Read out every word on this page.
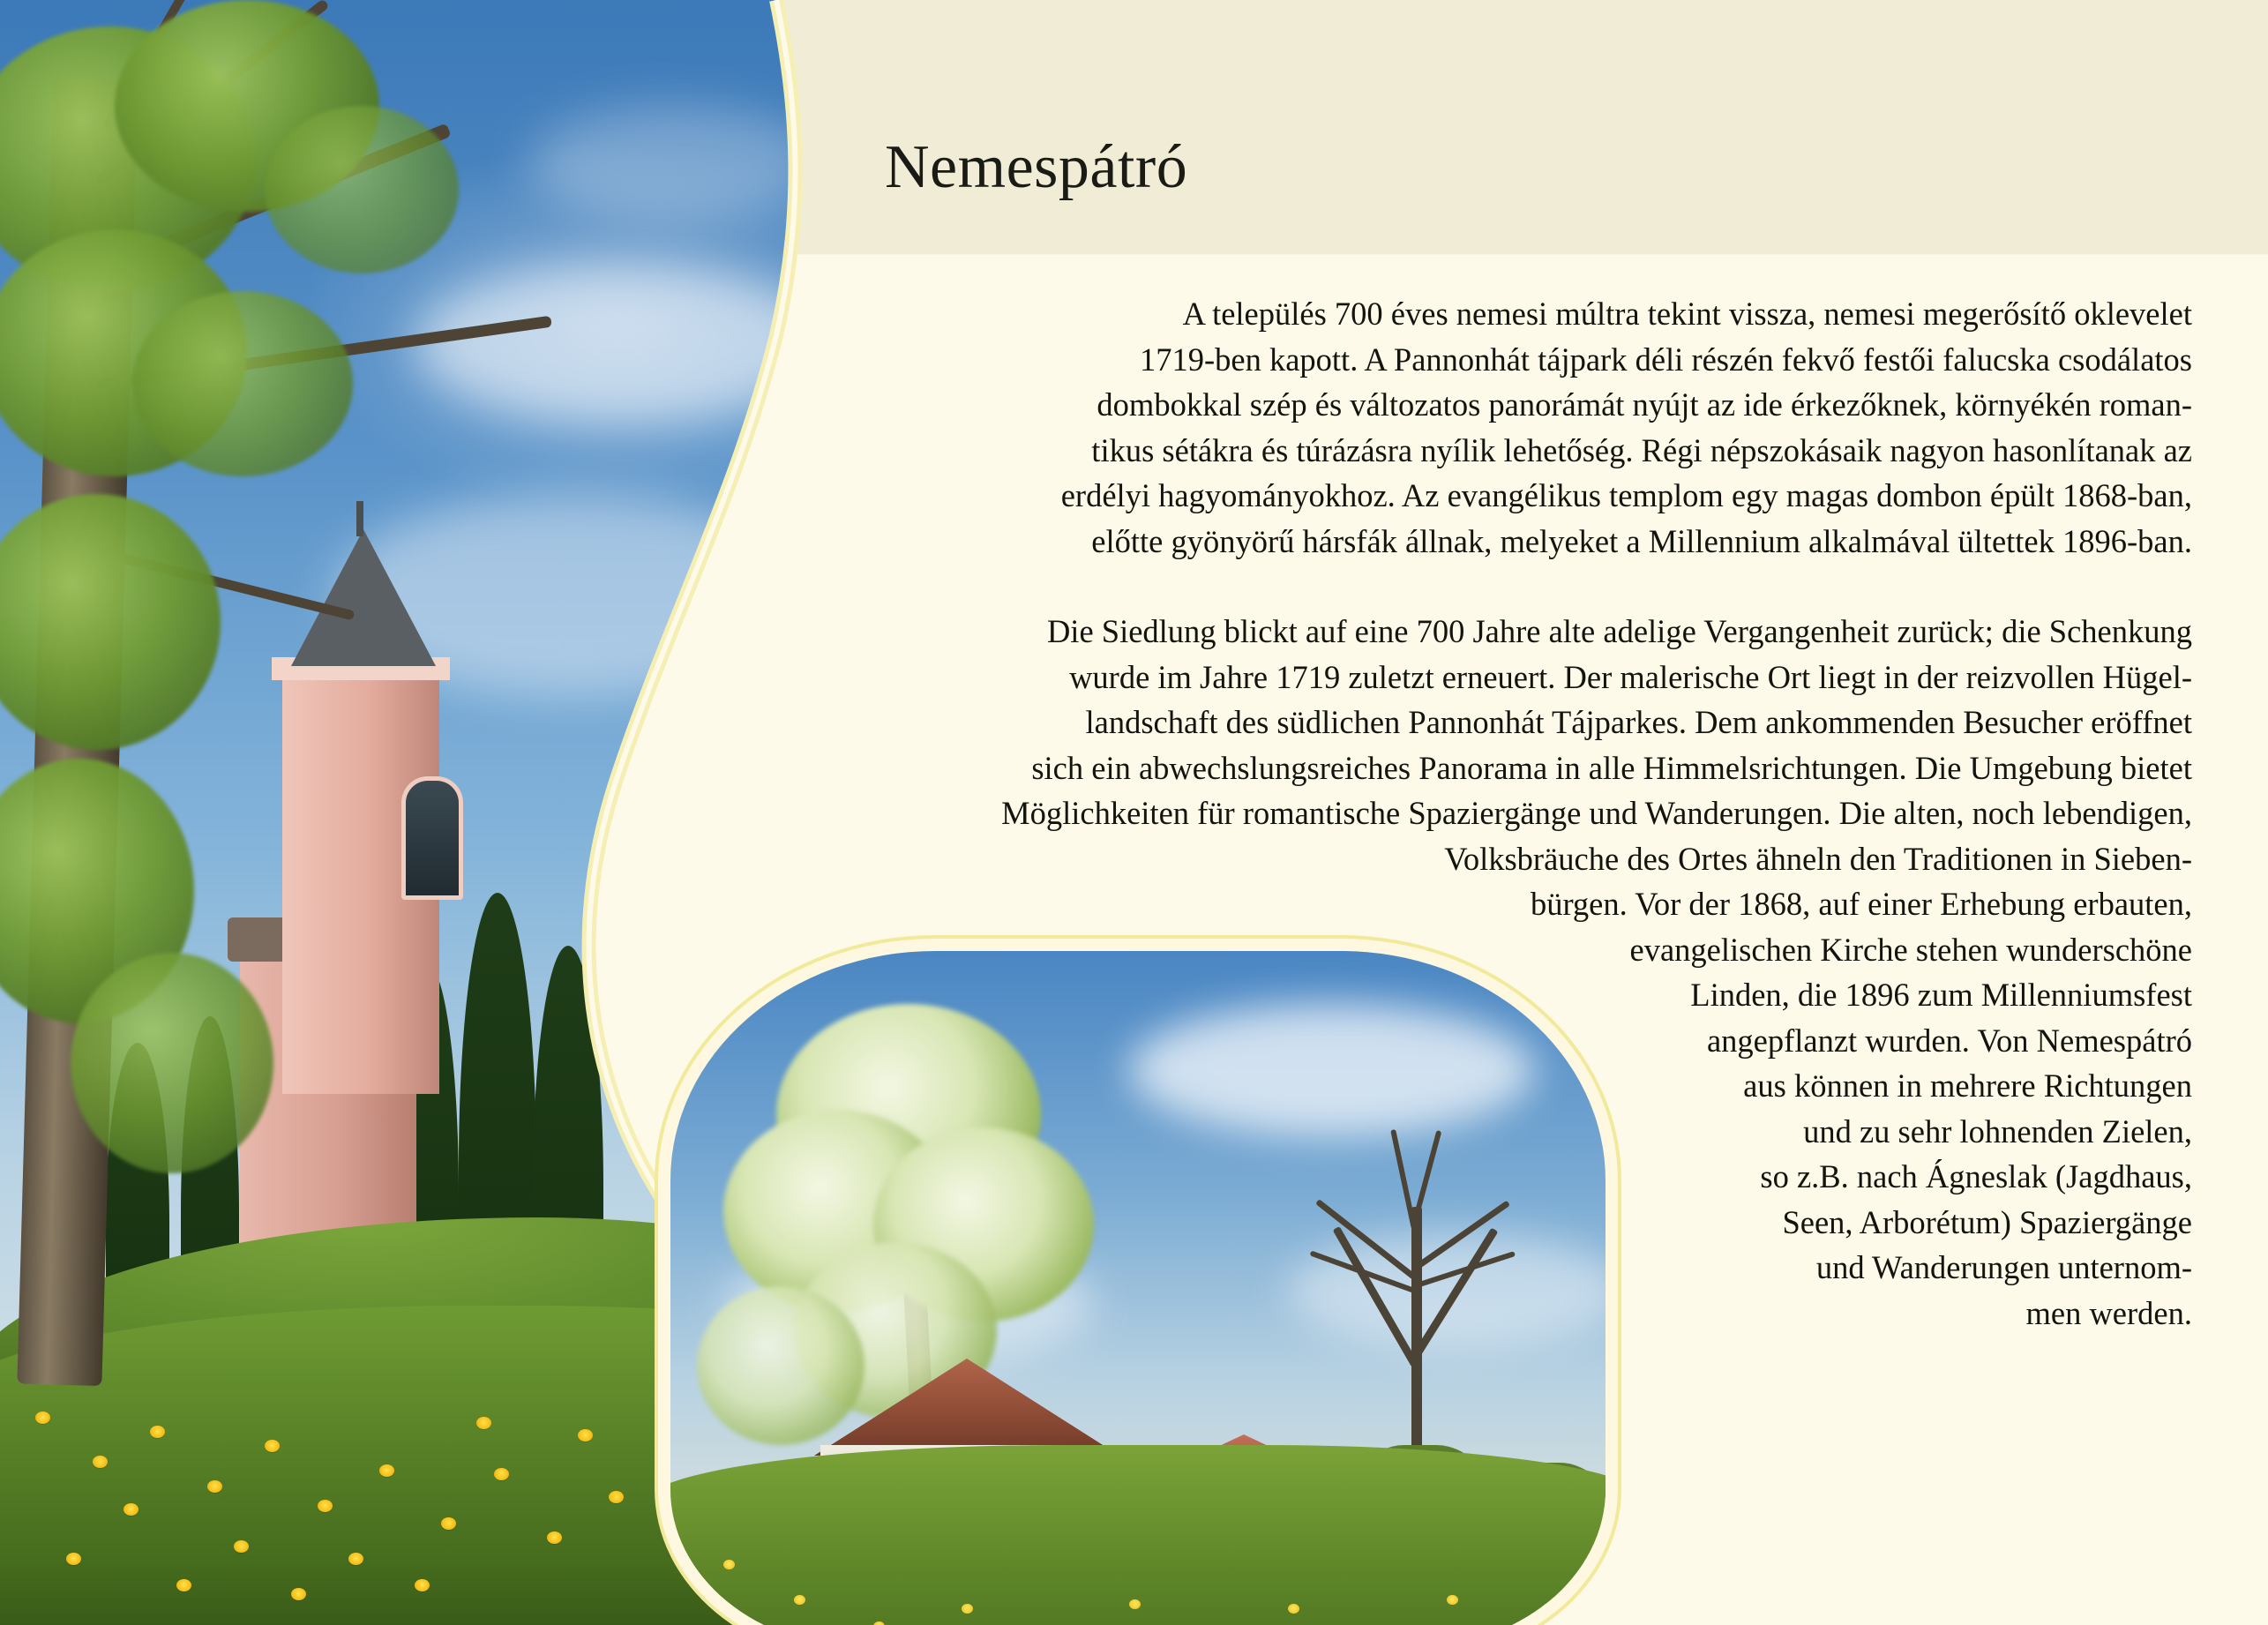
Nemespátró

A település 700 éves nemesi múltra tekint vissza, nemesi megerősítő oklevelet
1719-ben kapott. A Pannonhát tájpark déli részén fekvő festői falucska csodálatos
dombokkal szép és változatos panorámát nyújt az ide érkezőknek, környékén roman-
tikus sétákra és túrázásra nyílik lehetőség. Régi népszokásaik nagyon hasonlítanak az
erdélyi hagyományokhoz. Az evangélikus templom egy magas dombon épült 1868-ban,
előtte gyönyörű hársfák állnak, melyeket a Millennium alkalmával ültettek 1896-ban.

Die Siedlung blickt auf eine 700 Jahre alte adelige Vergangenheit zurück; die Schenkung
wurde im Jahre 1719 zuletzt erneuert. Der malerische Ort liegt in der reizvollen Hügel-
landschaft des südlichen Pannonhát Tájparkes. Dem ankommenden Besucher eröffnet
sich ein abwechslungsreiches Panorama in alle Himmelsrichtungen. Die Umgebung bietet
Möglichkeiten für romantische Spaziergänge und Wanderungen. Die alten, noch lebendigen,
Volksbräuche des Ortes ähneln den Traditionen in Sieben-
bürgen. Vor der 1868, auf einer Erhebung erbauten,
evangelischen Kirche stehen wunderschöne
Linden, die 1896 zum Millenniumsfest
angepflanzt wurden. Von Nemespátró
aus können in mehrere Richtungen
und zu sehr lohnenden Zielen,
so z.B. nach Ágneslak (Jagdhaus,
Seen, Arborétum) Spaziergänge
und Wanderungen unternom-
men werden.
